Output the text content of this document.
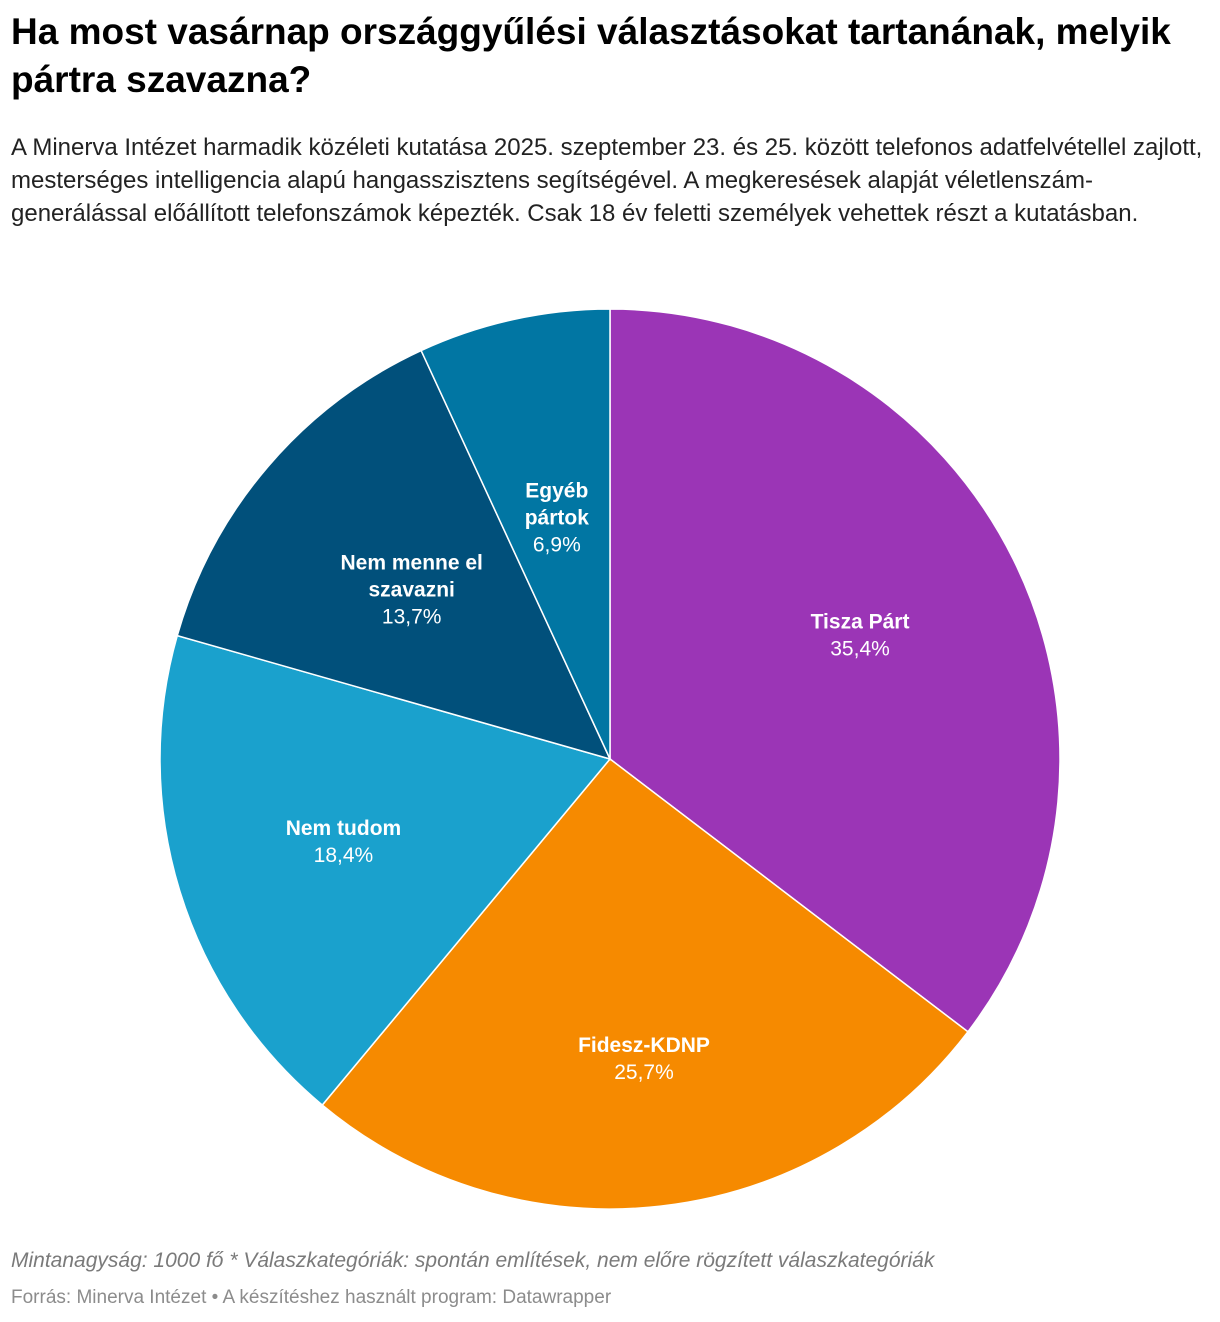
Ha most vasárnap országgyűlési választásokat tartanának, melyik pártra szavazna?

A Minerva Intézet harmadik közéleti kutatása 2025. szeptember 23. és 25. között telefonos adatfelvétellel zajlott, mesterséges intelligencia alapú hangasszisztens segítségével. A megkeresések alapját véletlenszám-generálással előállított telefonszámok képezték. Csak 18 év feletti személyek vehettek részt a kutatásban.

Tisza Párt
35,4%
Fidesz-KDNP
25,7%
Nem tudom
18,4%
Nem menne el
szavazni
13,7%
Egyéb
pártok
6,9%

Mintanagyság: 1000 fő * Válaszkategóriák: spontán említések, nem előre rögzített válaszkategóriák

Forrás: Minerva Intézet • A készítéshez használt program: Datawrapper
